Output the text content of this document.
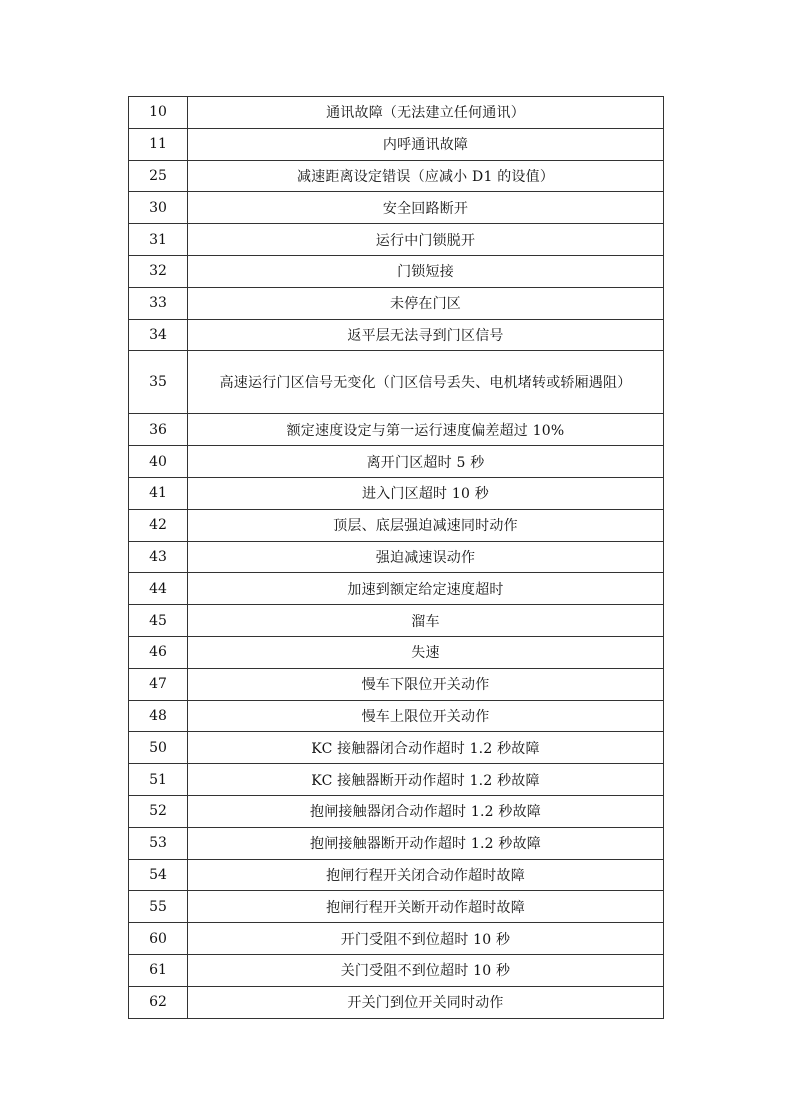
10	通讯故障（无法建立任何通讯）
11	内呼通讯故障
25	减速距离设定错误（应减小 D1 的设值）
30	安全回路断开
31	运行中门锁脱开
32	门锁短接
33	未停在门区
34	返平层无法寻到门区信号
35	高速运行门区信号无变化（门区信号丢失、电机堵转或轿厢遇阻）
36	额定速度设定与第一运行速度偏差超过 10%
40	离开门区超时 5 秒
41	进入门区超时 10 秒
42	顶层、底层强迫减速同时动作
43	强迫减速误动作
44	加速到额定给定速度超时
45	溜车
46	失速
47	慢车下限位开关动作
48	慢车上限位开关动作
50	KC 接触器闭合动作超时 1.2 秒故障
51	KC 接触器断开动作超时 1.2 秒故障
52	抱闸接触器闭合动作超时 1.2 秒故障
53	抱闸接触器断开动作超时 1.2 秒故障
54	抱闸行程开关闭合动作超时故障
55	抱闸行程开关断开动作超时故障
60	开门受阻不到位超时 10 秒
61	关门受阻不到位超时 10 秒
62	开关门到位开关同时动作
